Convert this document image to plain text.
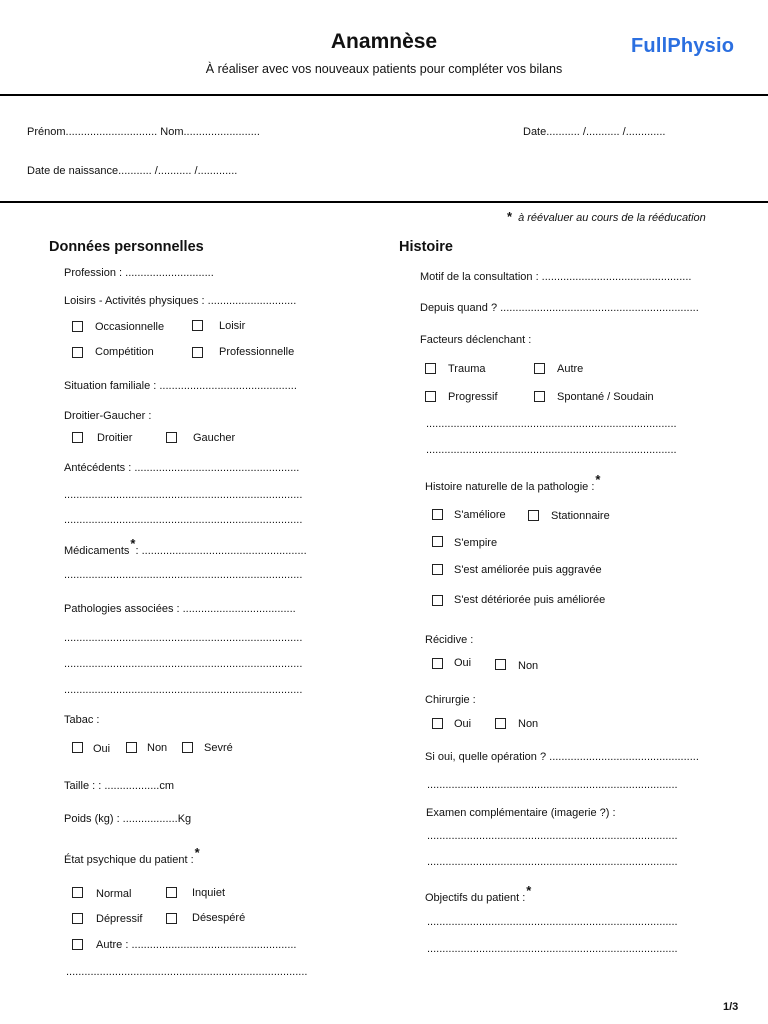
Anamnèse
À réaliser avec vos nouveaux patients pour compléter vos bilans
FullPhysio
Prénom.............................. Nom.........................	Date........... /........... /.............
Date de naissance........... /........... /.............
* à réévaluer au cours de la rééducation
Données personnelles
Profession : .............................
Loisirs - Activités physiques : .............................
Occasionnelle	Loisir
Compétition	Professionnelle
Situation familiale : .............................................
Droitier-Gaucher :
Droitier	Gaucher
Antécédents : ......................................................
..............................................................................
..............................................................................
Médicaments*: ......................................................
..............................................................................
Pathologies associées : .....................................
..............................................................................
..............................................................................
..............................................................................
Tabac :
Oui	Non	Sevré
Taille : : ..................cm
Poids (kg) : ..................Kg
État psychique du patient :*
Normal	Inquiet
Dépressif	Désespéré
Autre : ......................................................
...............................................................................
Histoire
Motif de la consultation : .................................................
Depuis quand ? .................................................................
Facteurs déclenchant :
Trauma	Autre
Progressif	Spontané / Soudain
..................................................................................
..................................................................................
Histoire naturelle de la pathologie :*
S'améliore	Stationnaire
S'empire
S'est améliorée puis aggravée
S'est détériorée puis améliorée
Récidive :
Oui	Non
Chirurgie :
Oui	Non
Si oui, quelle opération ? .................................................
..................................................................................
Examen complémentaire (imagerie ?) :
..................................................................................
..................................................................................
Objectifs du patient :*
..................................................................................
..................................................................................
1/3
